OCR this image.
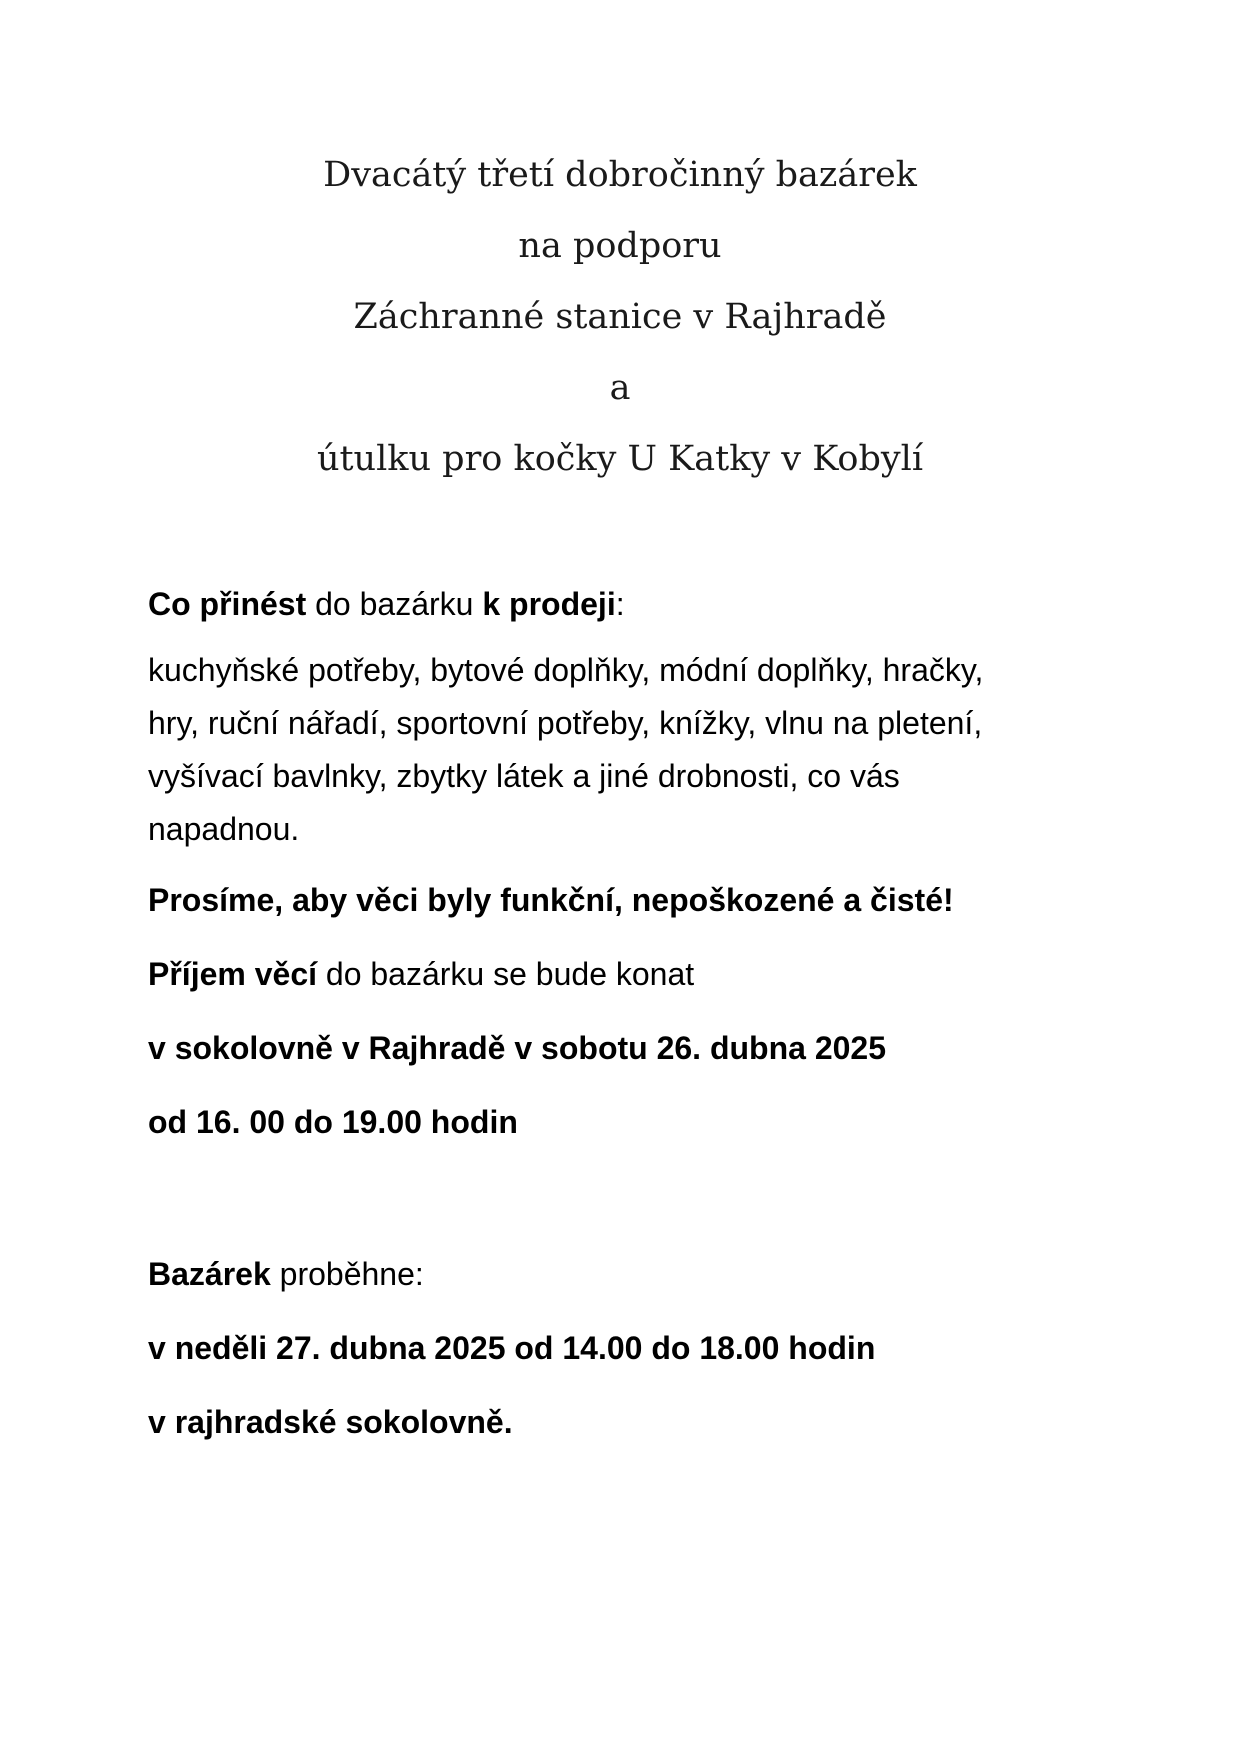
Dvacátý třetí dobročinný bazárek
na podporu
Záchranné stanice v Rajhradě
a
útulku pro kočky U Katky v Kobylí
Co přinést do bazárku k prodeji:
kuchyňské potřeby, bytové doplňky, módní doplňky, hračky,
hry, ruční nářadí, sportovní potřeby, knížky, vlnu na pletení,
vyšívací bavlnky, zbytky látek a jiné drobnosti, co vás
napadnou.
Prosíme, aby věci byly funkční, nepoškozené a čisté!
Příjem věcí do bazárku se bude konat
v sokolovně v Rajhradě v sobotu 26. dubna 2025
od 16. 00 do 19.00 hodin
Bazárek proběhne:
v neděli 27. dubna 2025 od 14.00 do 18.00 hodin
v rajhradské sokolovně.
